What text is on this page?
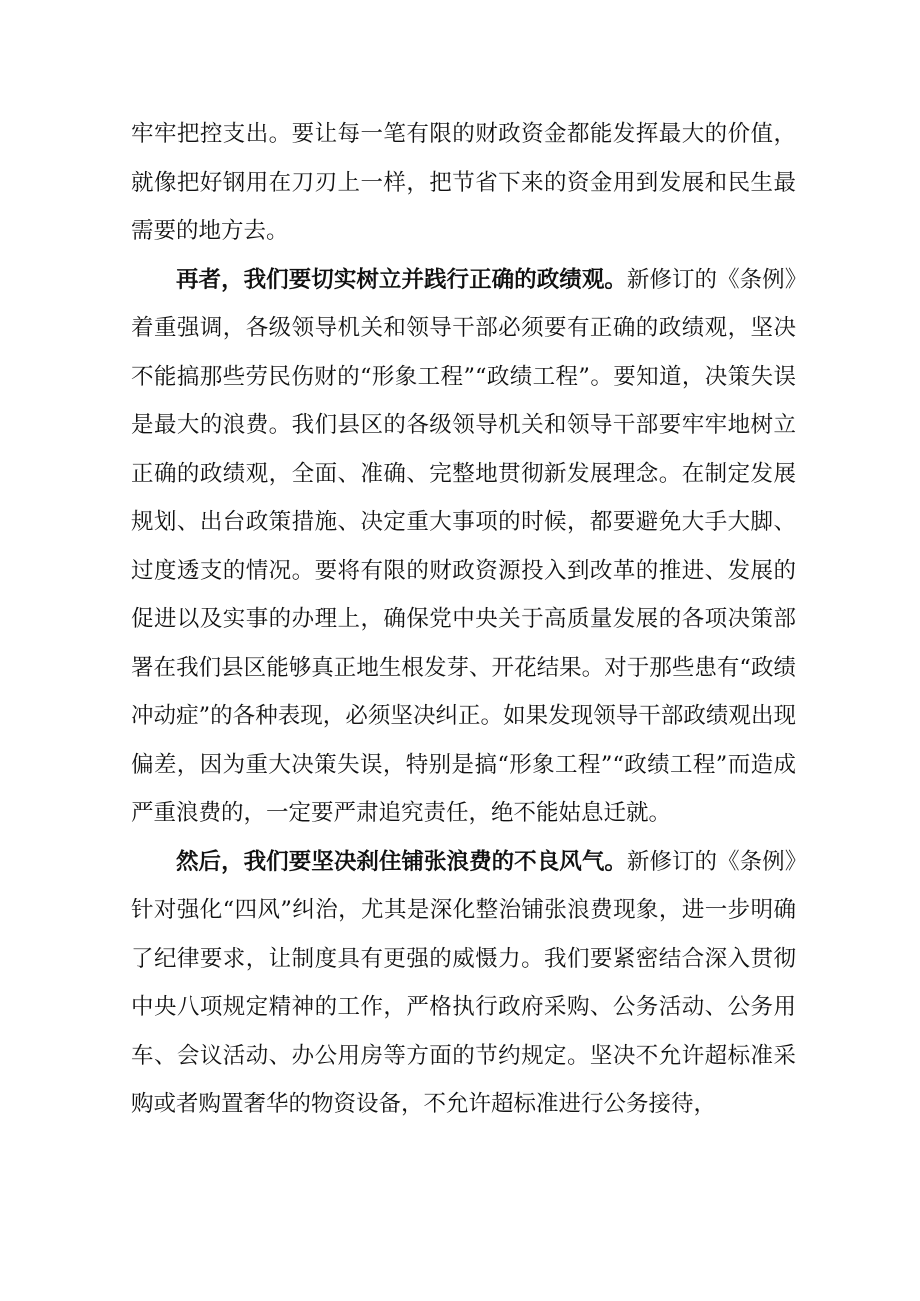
牢牢把控支出。要让每一笔有限的财政资金都能发挥最大的价值，就像把好钢用在刀刃上一样，把节省下来的资金用到发展和民生最需要的地方去。

再者，我们要切实树立并践行正确的政绩观。新修订的《条例》着重强调，各级领导机关和领导干部必须要有正确的政绩观，坚决不能搞那些劳民伤财的“形象工程”“政绩工程”。要知道，决策失误是最大的浪费。我们县区的各级领导机关和领导干部要牢牢地树立正确的政绩观，全面、准确、完整地贯彻新发展理念。在制定发展规划、出台政策措施、决定重大事项的时候，都要避免大手大脚、过度透支的情况。要将有限的财政资源投入到改革的推进、发展的促进以及实事的办理上，确保党中央关于高质量发展的各项决策部署在我们县区能够真正地生根发芽、开花结果。对于那些患有“政绩冲动症”的各种表现，必须坚决纠正。如果发现领导干部政绩观出现偏差，因为重大决策失误，特别是搞“形象工程”“政绩工程”而造成严重浪费的，一定要严肃追究责任，绝不能姑息迁就。

然后，我们要坚决刹住铺张浪费的不良风气。新修订的《条例》针对强化“四风”纠治，尤其是深化整治铺张浪费现象，进一步明确了纪律要求，让制度具有更强的威慑力。我们要紧密结合深入贯彻中央八项规定精神的工作，严格执行政府采购、公务活动、公务用车、会议活动、办公用房等方面的节约规定。坚决不允许超标准采购或者购置奢华的物资设备，不允许超标准进行公务接待，
